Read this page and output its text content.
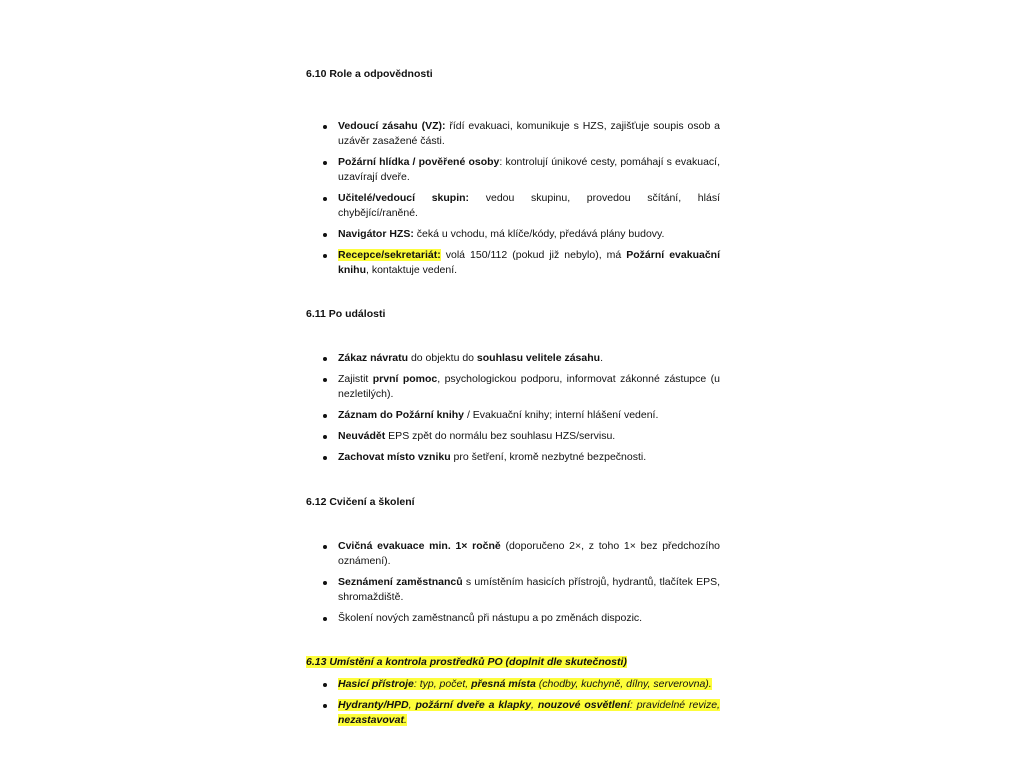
6.10 Role a odpovědnosti
Vedoucí zásahu (VZ): řídí evakuaci, komunikuje s HZS, zajišťuje soupis osob a uzávěr zasažené části.
Požární hlídka / pověřené osoby: kontrolují únikové cesty, pomáhají s evakuací, uzavírají dveře.
Učitelé/vedoucí skupin: vedou skupinu, provedou sčítání, hlásí chybějící/raněné.
Navigátor HZS: čeká u vchodu, má klíče/kódy, předává plány budovy.
Recepce/sekretariát: volá 150/112 (pokud již nebylo), má Požární evakuační knihu, kontaktuje vedení.
6.11 Po události
Zákaz návratu do objektu do souhlasu velitele zásahu.
Zajistit první pomoc, psychologickou podporu, informovat zákonné zástupce (u nezletilých).
Záznam do Požární knihy / Evakuační knihy; interní hlášení vedení.
Neuvádět EPS zpět do normálu bez souhlasu HZS/servisu.
Zachovat místo vzniku pro šetření, kromě nezbytné bezpečnosti.
6.12 Cvičení a školení
Cvičná evakuace min. 1× ročně (doporučeno 2×, z toho 1× bez předchozího oznámení).
Seznámení zaměstnanců s umístěním hasicích přístrojů, hydrantů, tlačítek EPS, shromaždiště.
Školení nových zaměstnanců při nástupu a po změnách dispozic.
6.13 Umístění a kontrola prostředků PO (doplnit dle skutečnosti)
Hasicí přístroje: typ, počet, přesná místa (chodby, kuchyně, dílny, serverovna).
Hydranty/HPD, požární dveře a klapky, nouzové osvětlení: pravidelné revize, nezastavovat.
